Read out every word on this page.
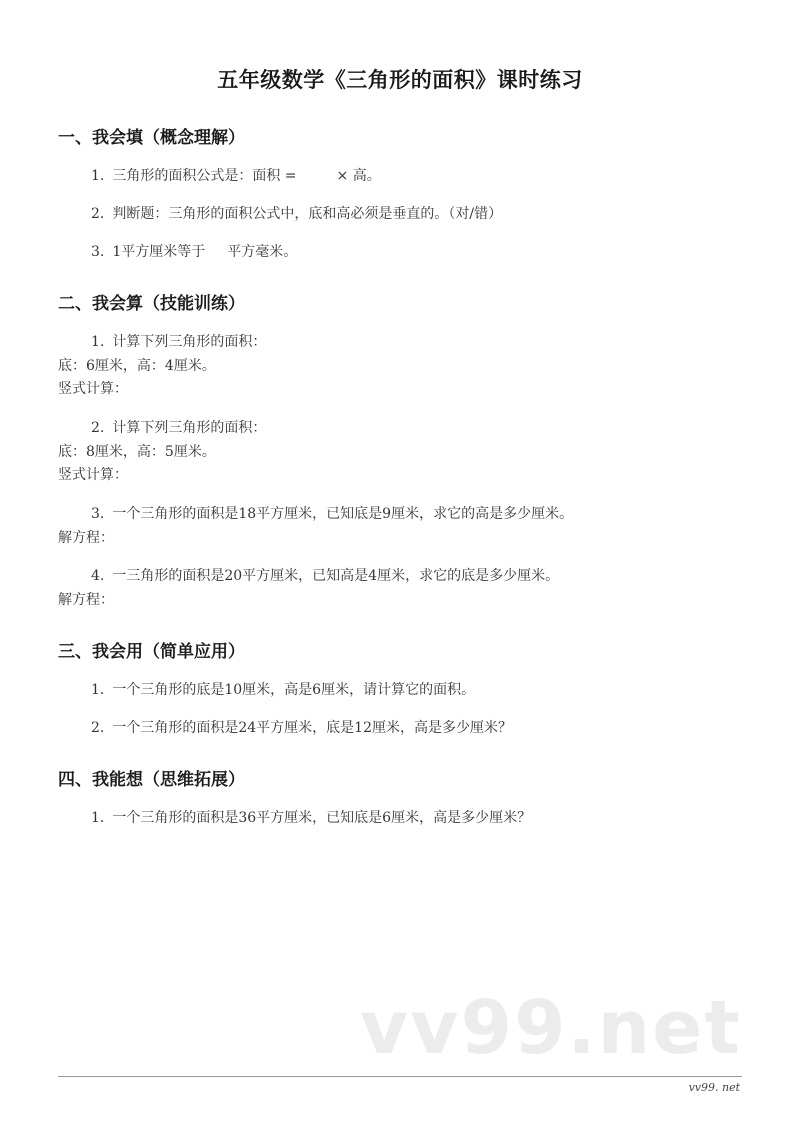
五年级数学《三角形的面积》课时练习
一、我会填（概念理解）
1. 三角形的面积公式是：面积 =	× 高。
2. 判断题：三角形的面积公式中，底和高必须是垂直的。（对/错）
3. 1平方厘米等于 平方毫米。
二、我会算（技能训练）
1. 计算下列三角形的面积：
底：6厘米，高：4厘米。
竖式计算：
2. 计算下列三角形的面积：
底：8厘米，高：5厘米。
竖式计算：
3. 一个三角形的面积是18平方厘米，已知底是9厘米，求它的高是多少厘米。
解方程：
4. 一三角形的面积是20平方厘米，已知高是4厘米，求它的底是多少厘米。
解方程：
三、我会用（简单应用）
1. 一个三角形的底是10厘米，高是6厘米，请计算它的面积。
2. 一个三角形的面积是24平方厘米，底是12厘米，高是多少厘米？
四、我能想（思维拓展）
1. 一个三角形的面积是36平方厘米，已知底是6厘米，高是多少厘米？
vv99.net
vv99. net
